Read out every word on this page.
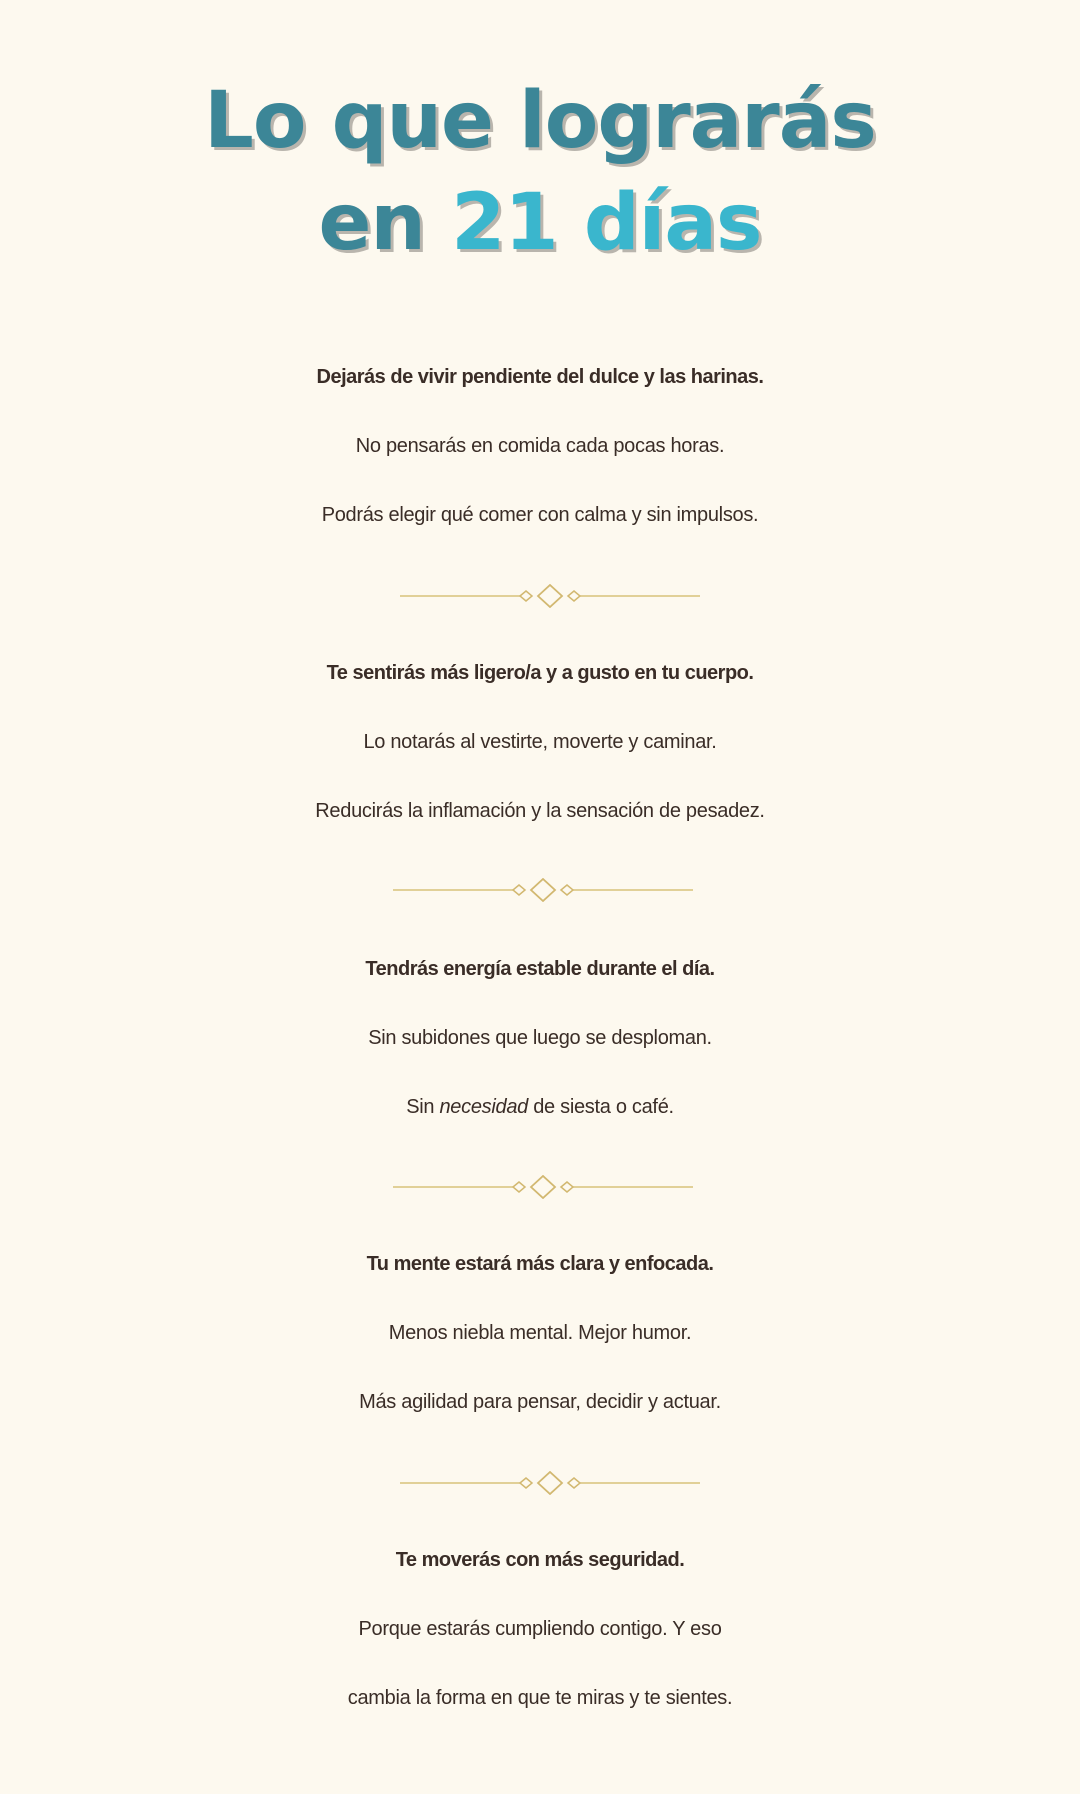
Lo que lograrás
en 21 días

Dejarás de vivir pendiente del dulce y las harinas.

No pensarás en comida cada pocas horas.

Podrás elegir qué comer con calma y sin impulsos.

Te sentirás más ligero/a y a gusto en tu cuerpo.

Lo notarás al vestirte, moverte y caminar.

Reducirás la inflamación y la sensación de pesadez.

Tendrás energía estable durante el día.

Sin subidones que luego se desploman.

Sin necesidad de siesta o café.

Tu mente estará más clara y enfocada.

Menos niebla mental. Mejor humor.

Más agilidad para pensar, decidir y actuar.

Te moverás con más seguridad.

Porque estarás cumpliendo contigo. Y eso

cambia la forma en que te miras y te sientes.
